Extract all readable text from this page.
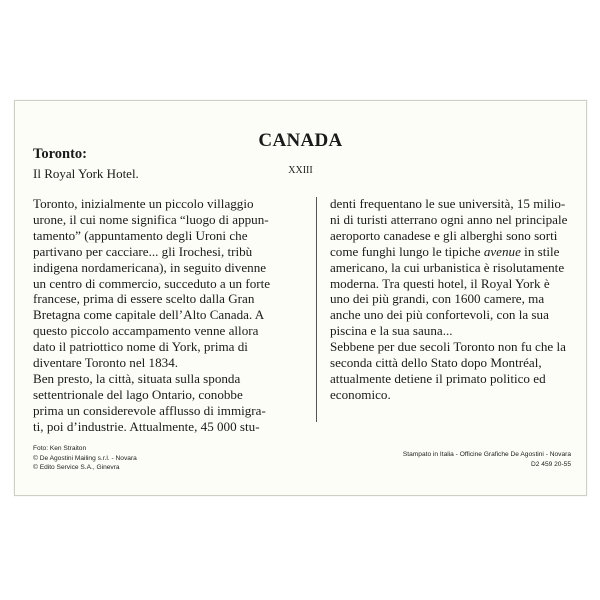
CANADA
Toronto:
Il Royal York Hotel.	XXIII

Toronto, inizialmente un piccolo villaggio

urone, il cui nome significa “luogo di appun-

tamento” (appuntamento degli Uroni che

partivano per cacciare... gli Irochesi, tribù

indigena nordamericana), in seguito divenne

un centro di commercio, succeduto a un forte

francese, prima di essere scelto dalla Gran

Bretagna come capitale dell’Alto Canada. A

questo piccolo accampamento venne allora

dato il patriottico nome di York, prima di

diventare Toronto nel 1834.

Ben presto, la città, situata sulla sponda

settentrionale del lago Ontario, conobbe

prima un considerevole afflusso di immigra-

ti, poi d’industrie. Attualmente, 45 000 stu-

denti frequentano le sue università, 15 milio-

ni di turisti atterrano ogni anno nel principale

aeroporto canadese e gli alberghi sono sorti

come funghi lungo le tipiche avenue in stile

americano, la cui urbanistica è risolutamente

moderna. Tra questi hotel, il Royal York è

uno dei più grandi, con 1600 camere, ma

anche uno dei più confortevoli, con la sua

piscina e la sua sauna...

Sebbene per due secoli Toronto non fu che la

seconda città dello Stato dopo Montréal,

attualmente detiene il primato politico ed

economico.

Foto: Ken Straiton
© De Agostini Mailing s.r.l. - Novara
© Edito Service S.A., Ginevra
Stampato in Italia - Officine Grafiche De Agostini - Novara
D2 459 20-55
